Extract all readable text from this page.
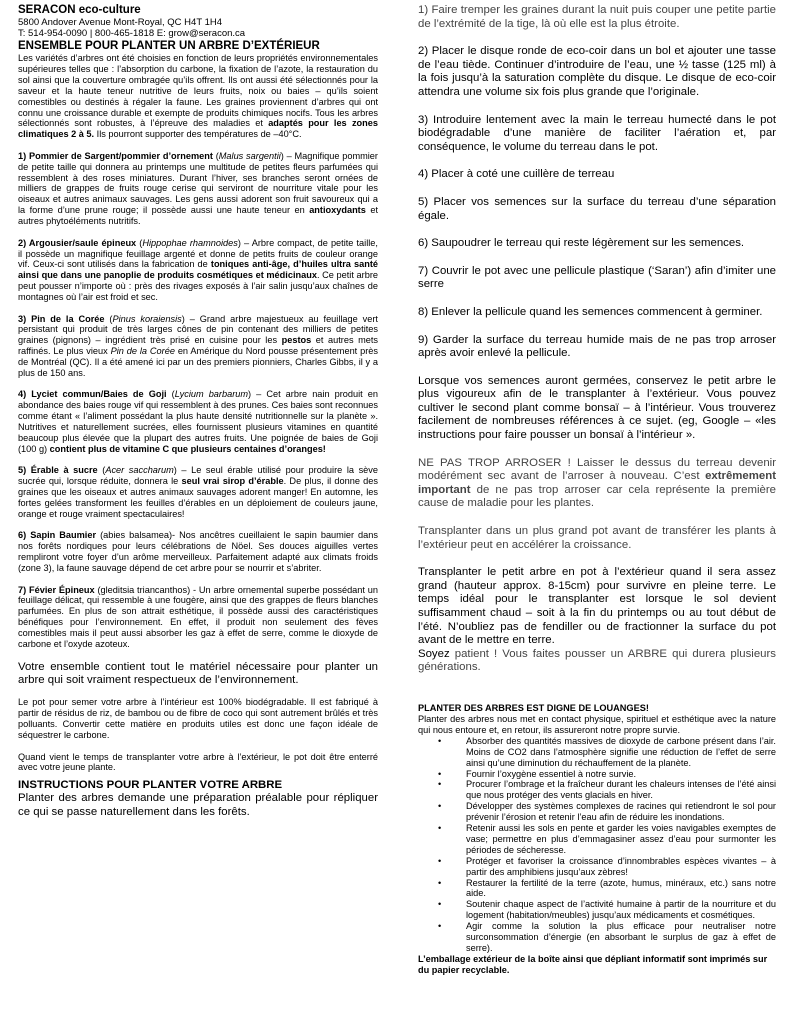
SERACON eco-culture

5800 Andover Avenue Mont-Royal, QC H4T 1H4

T: 514-954-0090 | 800-465-1818 E: grow@seracon.ca

ENSEMBLE POUR PLANTER UN ARBRE D’EXTÉRIEUR

Les variétés d’arbres ont été choisies en fonction de leurs propriétés environnementales supérieures telles que : l’absorption du carbone, la fixation de l’azote, la restauration du sol ainsi que la couverture ombragée qu’ils offrent. Ils ont aussi été sélectionnés pour la saveur et la haute teneur nutritive de leurs fruits, noix ou baies – qu’ils soient comestibles ou destinés à régaler la faune. Les graines proviennent d’arbres qui ont connu une croissance durable et exempte de produits chimiques nocifs. Tous les arbres sélectionnés sont robustes, à l’épreuve des maladies et adaptés pour les zones climatiques 2 à 5. Ils pourront supporter des températures de –40°C.

1) Pommier de Sargent/pommier d’ornement (Malus sargentii) – Magnifique pommier de petite taille qui donnera au printemps une multitude de petites fleurs parfumées qui ressemblent à des roses miniatures. Durant l’hiver, ses branches seront ornées de milliers de grappes de fruits rouge cerise qui serviront de nourriture vitale pour les oiseaux et autres animaux sauvages. Les gens aussi adorent son fruit savoureux qui a la forme d’une prune rouge; il possède aussi une haute teneur en antioxydants et autres phytoéléments nutritifs.

2) Argousier/saule épineux (Hippophae rhamnoides) – Arbre compact, de petite taille, il possède un magnifique feuillage argenté et donne de petits fruits de couleur orange vif. Ceux-ci sont utilisés dans la fabrication de toniques anti-âge, d’huiles ultra santé ainsi que dans une panoplie de produits cosmétiques et médicinaux. Ce petit arbre peut pousser n’importe où : près des rivages exposés à l’air salin jusqu’aux chaînes de montagnes où l’air est froid et sec.

3) Pin de la Corée (Pinus koraiensis) – Grand arbre majestueux au feuillage vert persistant qui produit de très larges cônes de pin contenant des milliers de petites graines (pignons) – ingrédient très prisé en cuisine pour les pestos et autres mets raffinés. Le plus vieux Pin de la Corée en Amérique du Nord pousse présentement près de Montréal (QC). Il a été amené ici par un des premiers pionniers, Charles Gibbs, il y a plus de 150 ans.

4) Lyciet commun/Baies de Goji (Lycium barbarum) – Cet arbre nain produit en abondance des baies rouge vif qui ressemblent à des prunes. Ces baies sont reconnues comme étant « l’aliment possédant la plus haute densité nutritionnelle sur la planète ». Nutritives et naturellement sucrées, elles fournissent plusieurs vitamines en quantité beaucoup plus élevée que la plupart des autres fruits. Une poignée de baies de Goji (100 g) contient plus de vitamine C que plusieurs centaines d’oranges!

5) Érable à sucre (Acer saccharum) – Le seul érable utilisé pour produire la sève sucrée qui, lorsque réduite, donnera le seul vrai sirop d’érable. De plus, il donne des graines que les oiseaux et autres animaux sauvages adorent manger! En automne, les fortes gelées transforment les feuilles d’érables en un déploiement de couleurs jaune, orange et rouge vraiment spectaculaires!

6) Sapin Baumier (abies balsamea)- Nos ancêtres cueillaient le sapin baumier dans nos forêts nordiques pour leurs célébrations de Nöel. Ses douces aiguilles vertes rempliront votre foyer d’un arôme merveilleux. Parfaitement adapté aux climats froids (zone 3), la faune sauvage dépend de cet arbre pour se nourrir et s’abriter.

7) Févier Épineux (gleditsia triancanthos) - Un arbre ornemental superbe possédant un feuillage délicat, qui ressemble à une fougère, ainsi que des grappes de fleurs blanches parfumées. En plus de son attrait esthétique, il possède aussi des caractéristiques bénéfiques pour l’environnement. En effet, il produit non seulement des fèves comestibles mais il peut aussi absorber les gaz à effet de serre, comme le dioxyde de carbone et l’oxyde azoteux.

Votre ensemble contient tout le matériel nécessaire pour planter un arbre qui soit vraiment respectueux de l’environnement.

Le pot pour semer votre arbre à l’intérieur est 100% biodégradable. Il est fabriqué à partir de résidus de riz, de bambou ou de fibre de coco qui sont autrement brûlés et très polluants. Convertir cette matière en produits utiles est donc une façon idéale de séquestrer le carbone.

Quand vient le temps de transplanter votre arbre à l’extérieur, le pot doit être enterré avec votre jeune plante.

INSTRUCTIONS POUR PLANTER VOTRE ARBRE

Planter des arbres demande une préparation préalable pour répliquer ce qui se passe naturellement dans les forêts.

1) Faire tremper les graines durant la nuit puis couper une petite partie de l’extrémité de la tige, là où elle est la plus étroite.

2) Placer le disque ronde de eco-coir dans un bol et ajouter une tasse de l’eau tiède. Continuer d’introduire de l’eau, une ½ tasse (125 ml) à la fois jusqu’à la saturation complète du disque. Le disque de eco-coir attendra une volume six fois plus grande que l’originale.

3) Introduire lentement avec la main le terreau humecté dans le pot biodégradable d’une manière de faciliter l’aération et, par conséquence, le volume du terreau dans le pot.

4) Placer à coté une cuillère de terreau

5) Placer vos semences sur la surface du terreau d’une séparation égale.

6) Saupoudrer le terreau qui reste légèrement sur les semences.

7) Couvrir le pot avec une pellicule plastique (‘Saran’) afin d’imiter une serre

8) Enlever la pellicule quand les semences commencent à germiner.

9) Garder la surface du terreau humide mais de ne pas trop arroser après avoir enlevé la pellicule.

Lorsque vos semences auront germées, conservez le petit arbre le plus vigoureux afin de le transplanter à l’extérieur. Vous pouvez cultiver le second plant comme bonsaï – à l’intérieur. Vous trouverez facilement de nombreuses références à ce sujet. (eg, Google – «les instructions pour faire pousser un bonsaï à l’intérieur ».

NE PAS TROP ARROSER ! Laisser le dessus du terreau devenir modérément sec avant de l’arroser à nouveau. C’est extrêmement important de ne pas trop arroser car cela représente la première cause de maladie pour les plantes.

Transplanter dans un plus grand pot avant de transférer les plants à l’extérieur peut en accélérer la croissance.

Transplanter le petit arbre en pot à l’extérieur quand il sera assez grand (hauteur approx. 8-15cm) pour survivre en pleine terre. Le temps idéal pour le transplanter est lorsque le sol devient suffisamment chaud – soit à la fin du printemps ou au tout début de l’été. N’oubliez pas de fendiller ou de fractionner la surface du pot avant de le mettre en terre.

Soyez patient ! Vous faites pousser un ARBRE qui durera plusieurs générations.

PLANTER DES ARBRES EST DIGNE DE LOUANGES!

Planter des arbres nous met en contact physique, spirituel et esthétique avec la nature qui nous entoure et, en retour, ils assureront notre propre survie.

• Absorber des quantités massives de dioxyde de carbone présent dans l’air. Moins de CO2 dans l’atmosphère signifie une réduction de l’effet de serre ainsi qu’une diminution du réchauffement de la planète.
• Fournir l’oxygène essentiel à notre survie.
• Procurer l’ombrage et la fraîcheur durant les chaleurs intenses de l’été ainsi que nous protéger des vents glacials en hiver.
• Développer des systèmes complexes de racines qui retiendront le sol pour prévenir l’érosion et retenir l’eau afin de réduire les inondations.
• Retenir aussi les sols en pente et garder les voies navigables exemptes de vase; permettre en plus d’emmagasiner assez d’eau pour surmonter les périodes de sécheresse.
• Protéger et favoriser la croissance d’innombrables espèces vivantes – à partir des amphibiens jusqu’aux zèbres!
• Restaurer la fertilité de la terre (azote, humus, minéraux, etc.) sans notre aide.
• Soutenir chaque aspect de l’activité humaine à partir de la nourriture et du logement (habitation/meubles) jusqu’aux médicaments et cosmétiques.
• Agir comme la solution la plus efficace pour neutraliser notre surconsommation d’énergie (en absorbant le surplus de gaz à effet de serre).

L’emballage extérieur de la boîte ainsi que dépliant informatif sont imprimés sur du papier recyclable.
